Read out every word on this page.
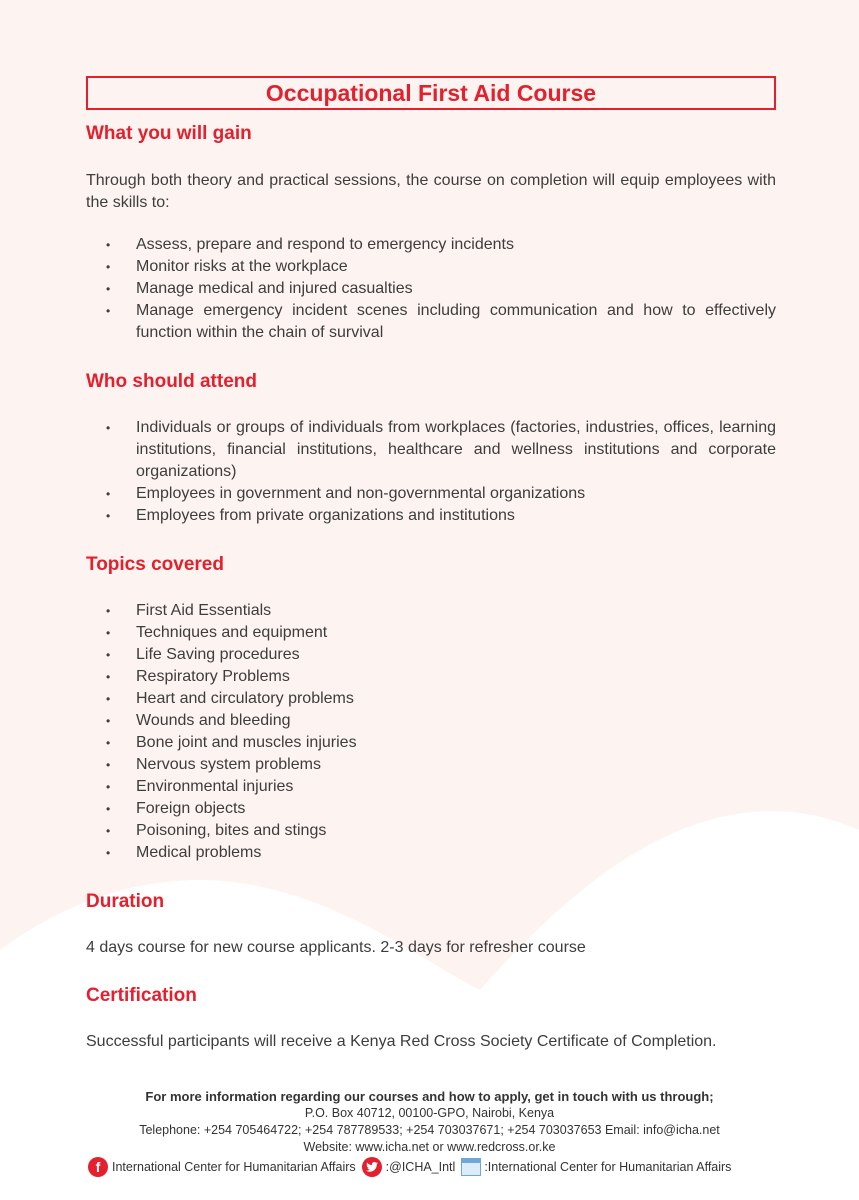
Occupational First Aid Course
What you will gain
Through both theory and practical sessions, the course on completion will equip employees with the skills to:
• Assess, prepare and respond to emergency incidents
• Monitor risks at the workplace
• Manage medical and injured casualties
• Manage emergency incident scenes including communication and how to effectively function within the chain of survival
Who should attend
• Individuals or groups of individuals from workplaces (factories, industries, offices, learning institutions, financial institutions, healthcare and wellness institutions and corporate organizations)
• Employees in government and non-governmental organizations
• Employees from private organizations and institutions
Topics covered
• First Aid Essentials
• Techniques and equipment
• Life Saving procedures
• Respiratory Problems
• Heart and circulatory problems
• Wounds and bleeding
• Bone joint and muscles injuries
• Nervous system problems
• Environmental injuries
• Foreign objects
• Poisoning, bites and stings
• Medical problems
Duration
4 days course for new course applicants. 2-3 days for refresher course
Certification
Successful participants will receive a Kenya Red Cross Society Certificate of Completion.
For more information regarding our courses and how to apply, get in touch with us through;
P.O. Box 40712, 00100-GPO, Nairobi, Kenya
Telephone: +254 705464722; +254 787789533; +254 703037671; +254 703037653 Email: info@icha.net
Website: www.icha.net or www.redcross.or.ke
f International Center for Humanitarian Affairs :@ICHA_Intl :International Center for Humanitarian Affairs
